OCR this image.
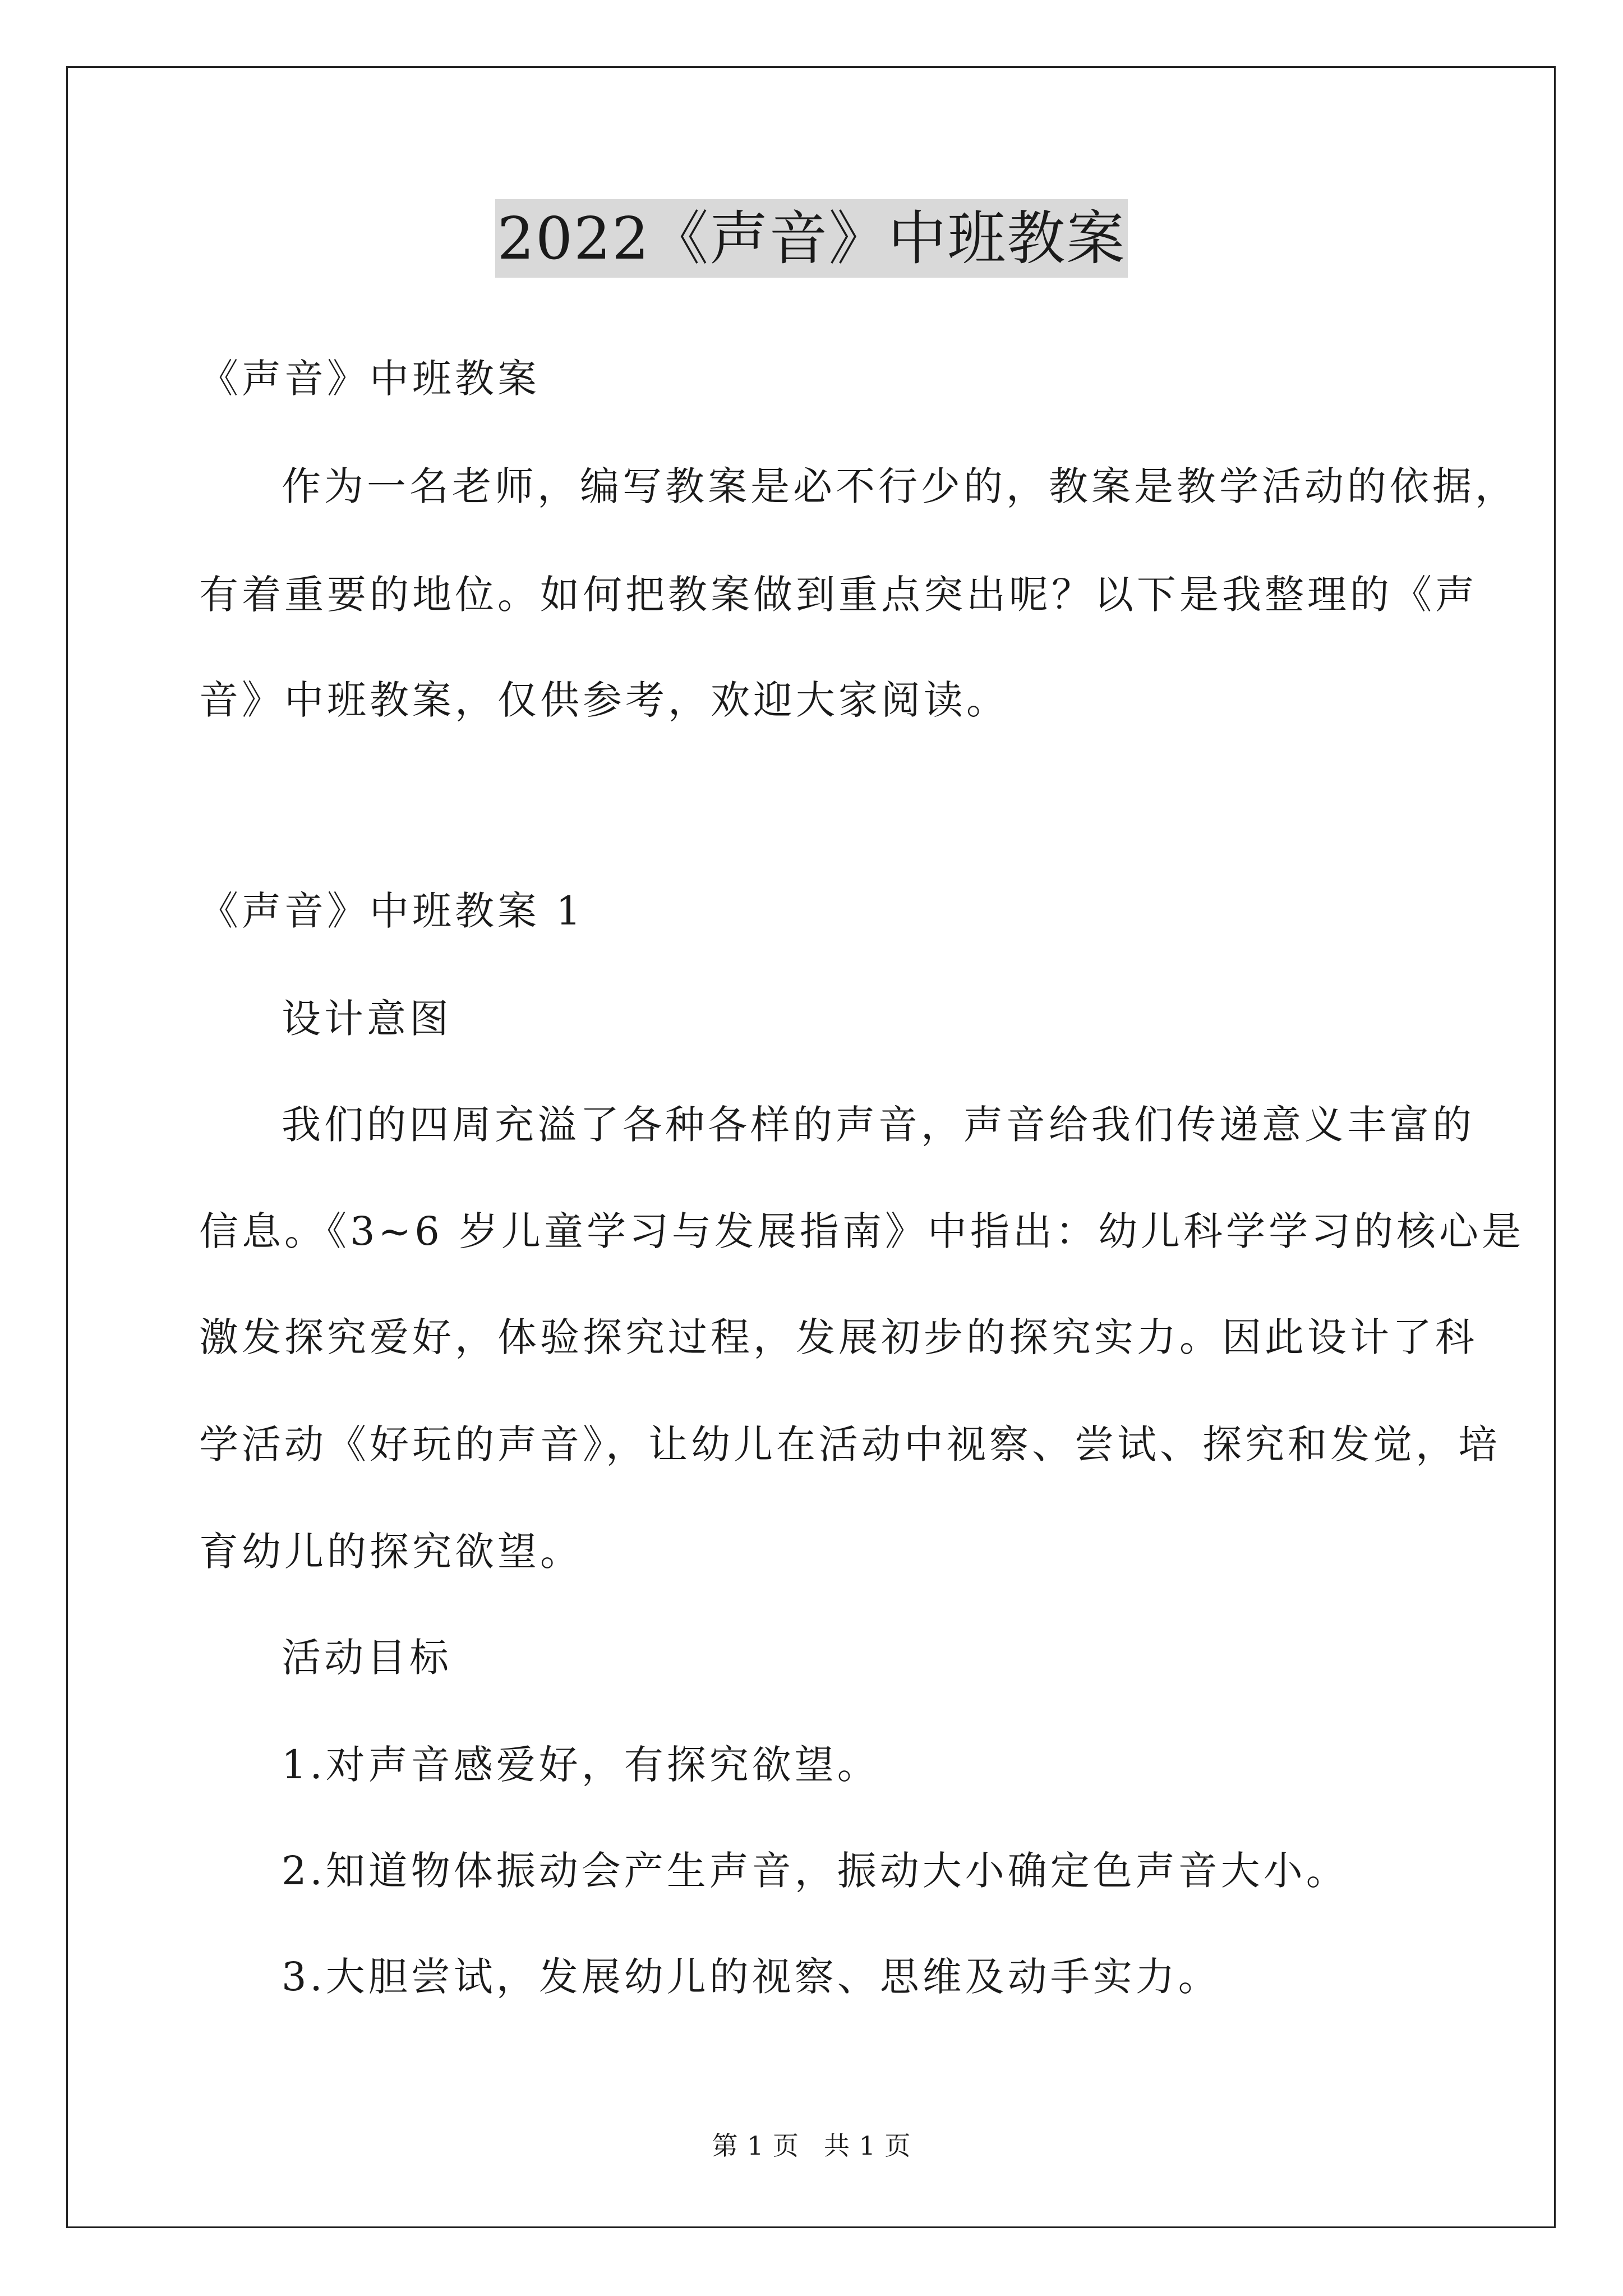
2022《声音》中班教案
《声音》中班教案
作为一名老师，编写教案是必不行少的，教案是教学活动的依据，
有着重要的地位。如何把教案做到重点突出呢？以下是我整理的《声
音》中班教案，仅供参考，欢迎大家阅读。
《声音》中班教案 1
设计意图
我们的四周充溢了各种各样的声音，声音给我们传递意义丰富的
信息。《3~6 岁儿童学习与发展指南》中指出：幼儿科学学习的核心是
激发探究爱好，体验探究过程，发展初步的探究实力。因此设计了科
学活动《好玩的声音》，让幼儿在活动中视察、尝试、探究和发觉，培
育幼儿的探究欲望。
活动目标
1.对声音感爱好，有探究欲望。
2.知道物体振动会产生声音，振动大小确定色声音大小。
3.大胆尝试，发展幼儿的视察、思维及动手实力。
第 1 页 共 1 页
